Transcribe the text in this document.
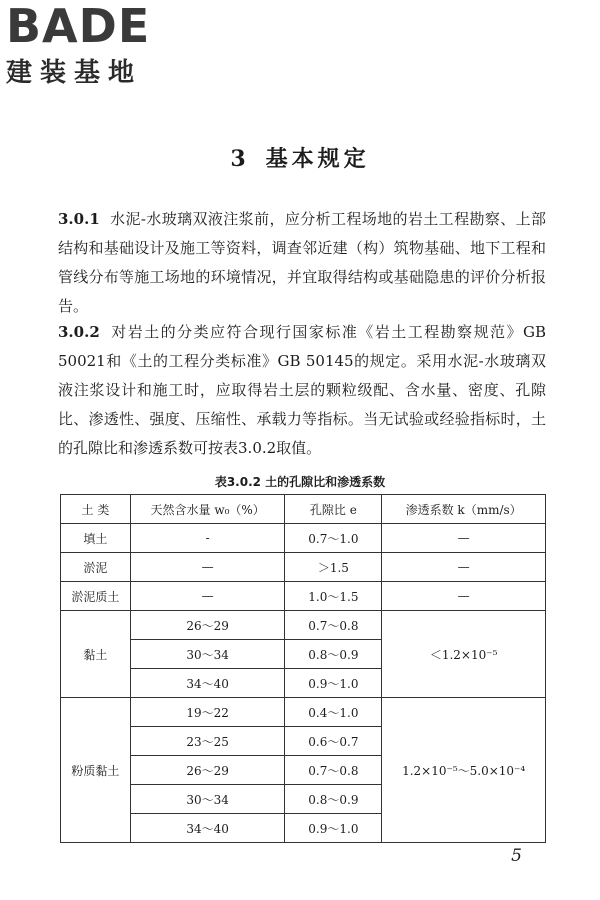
BADE
建装基地
3 基本规定

3.0.1 水泥-水玻璃双液注浆前，应分析工程场地的岩土工程勘察、上部结构和基础设计及施工等资料，调查邻近建（构）筑物基础、地下工程和管线分布等施工场地的环境情况，并宜取得结构或基础隐患的评价分析报告。

3.0.2 对岩土的分类应符合现行国家标准《岩土工程勘察规范》GB 50021和《土的工程分类标准》GB 50145的规定。采用水泥-水玻璃双液注浆设计和施工时，应取得岩土层的颗粒级配、含水量、密度、孔隙比、渗透性、强度、压缩性、承载力等指标。当无试验或经验指标时，土的孔隙比和渗透系数可按表3.0.2取值。

表3.0.2 土的孔隙比和渗透系数
土 类	天然含水量 w₀（%）	孔隙比 e	渗透系数 k（mm/s）
填土	-	0.7～1.0	—
淤泥	—	＞1.5	—
淤泥质土	—	1.0～1.5	—
黏土	26～29	0.7～0.8	＜1.2×10⁻⁵
	30～34	0.8～0.9	
	34～40	0.9～1.0	
粉质黏土	19～22	0.4～1.0	1.2×10⁻⁵～5.0×10⁻⁴
	23～25	0.6～0.7	
	26～29	0.7～0.8	
	30～34	0.8～0.9	
	34～40	0.9～1.0	
5
